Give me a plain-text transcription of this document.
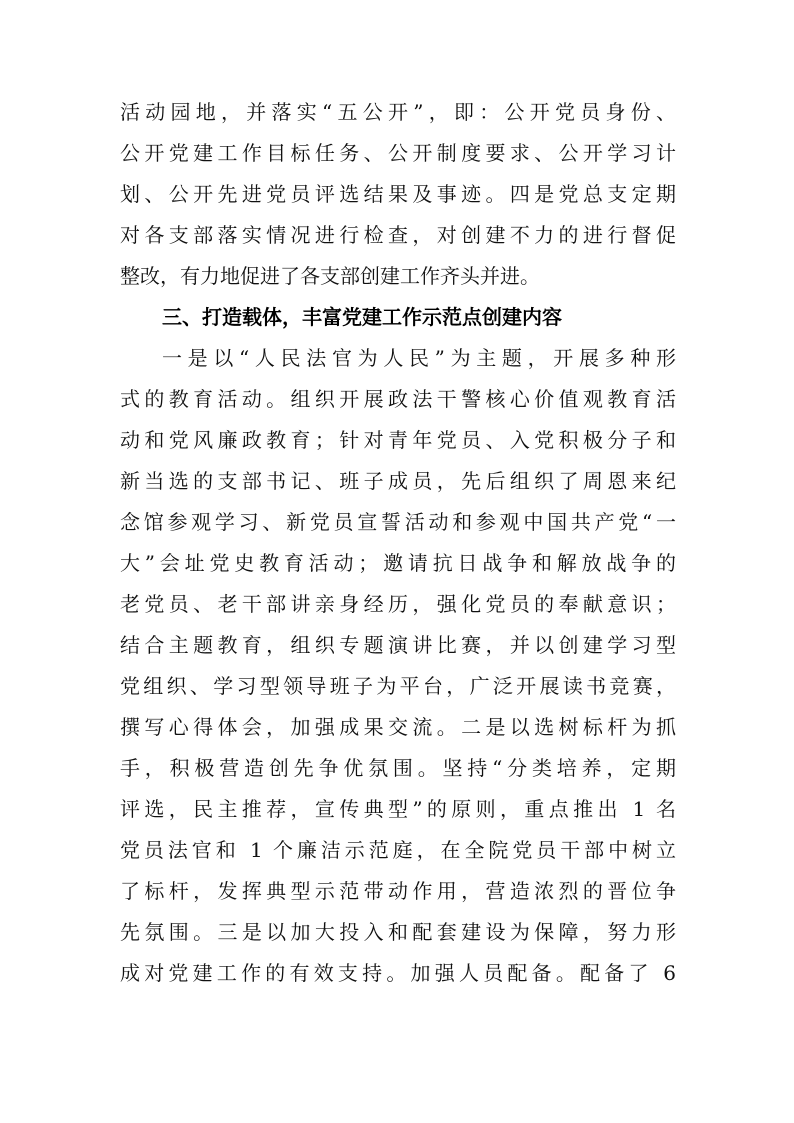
活动园地，并落实“五公开”，即：公开党员身份、
公开党建工作目标任务、公开制度要求、公开学习计
划、公开先进党员评选结果及事迹。四是党总支定期
对各支部落实情况进行检查，对创建不力的进行督促
整改，有力地促进了各支部创建工作齐头并进。
三、打造载体，丰富党建工作示范点创建内容
一是以“人民法官为人民”为主题，开展多种形
式的教育活动。组织开展政法干警核心价值观教育活
动和党风廉政教育；针对青年党员、入党积极分子和
新当选的支部书记、班子成员，先后组织了周恩来纪
念馆参观学习、新党员宣誓活动和参观中国共产党“一
大”会址党史教育活动；邀请抗日战争和解放战争的
老党员、老干部讲亲身经历，强化党员的奉献意识；
结合主题教育，组织专题演讲比赛，并以创建学习型
党组织、学习型领导班子为平台，广泛开展读书竞赛，
撰写心得体会，加强成果交流。二是以选树标杆为抓
手，积极营造创先争优氛围。坚持“分类培养，定期
评选，民主推荐，宣传典型”的原则，重点推出 1 名
党员法官和 1 个廉洁示范庭，在全院党员干部中树立
了标杆，发挥典型示范带动作用，营造浓烈的晋位争
先氛围。三是以加大投入和配套建设为保障，努力形
成对党建工作的有效支持。加强人员配备。配备了 6
